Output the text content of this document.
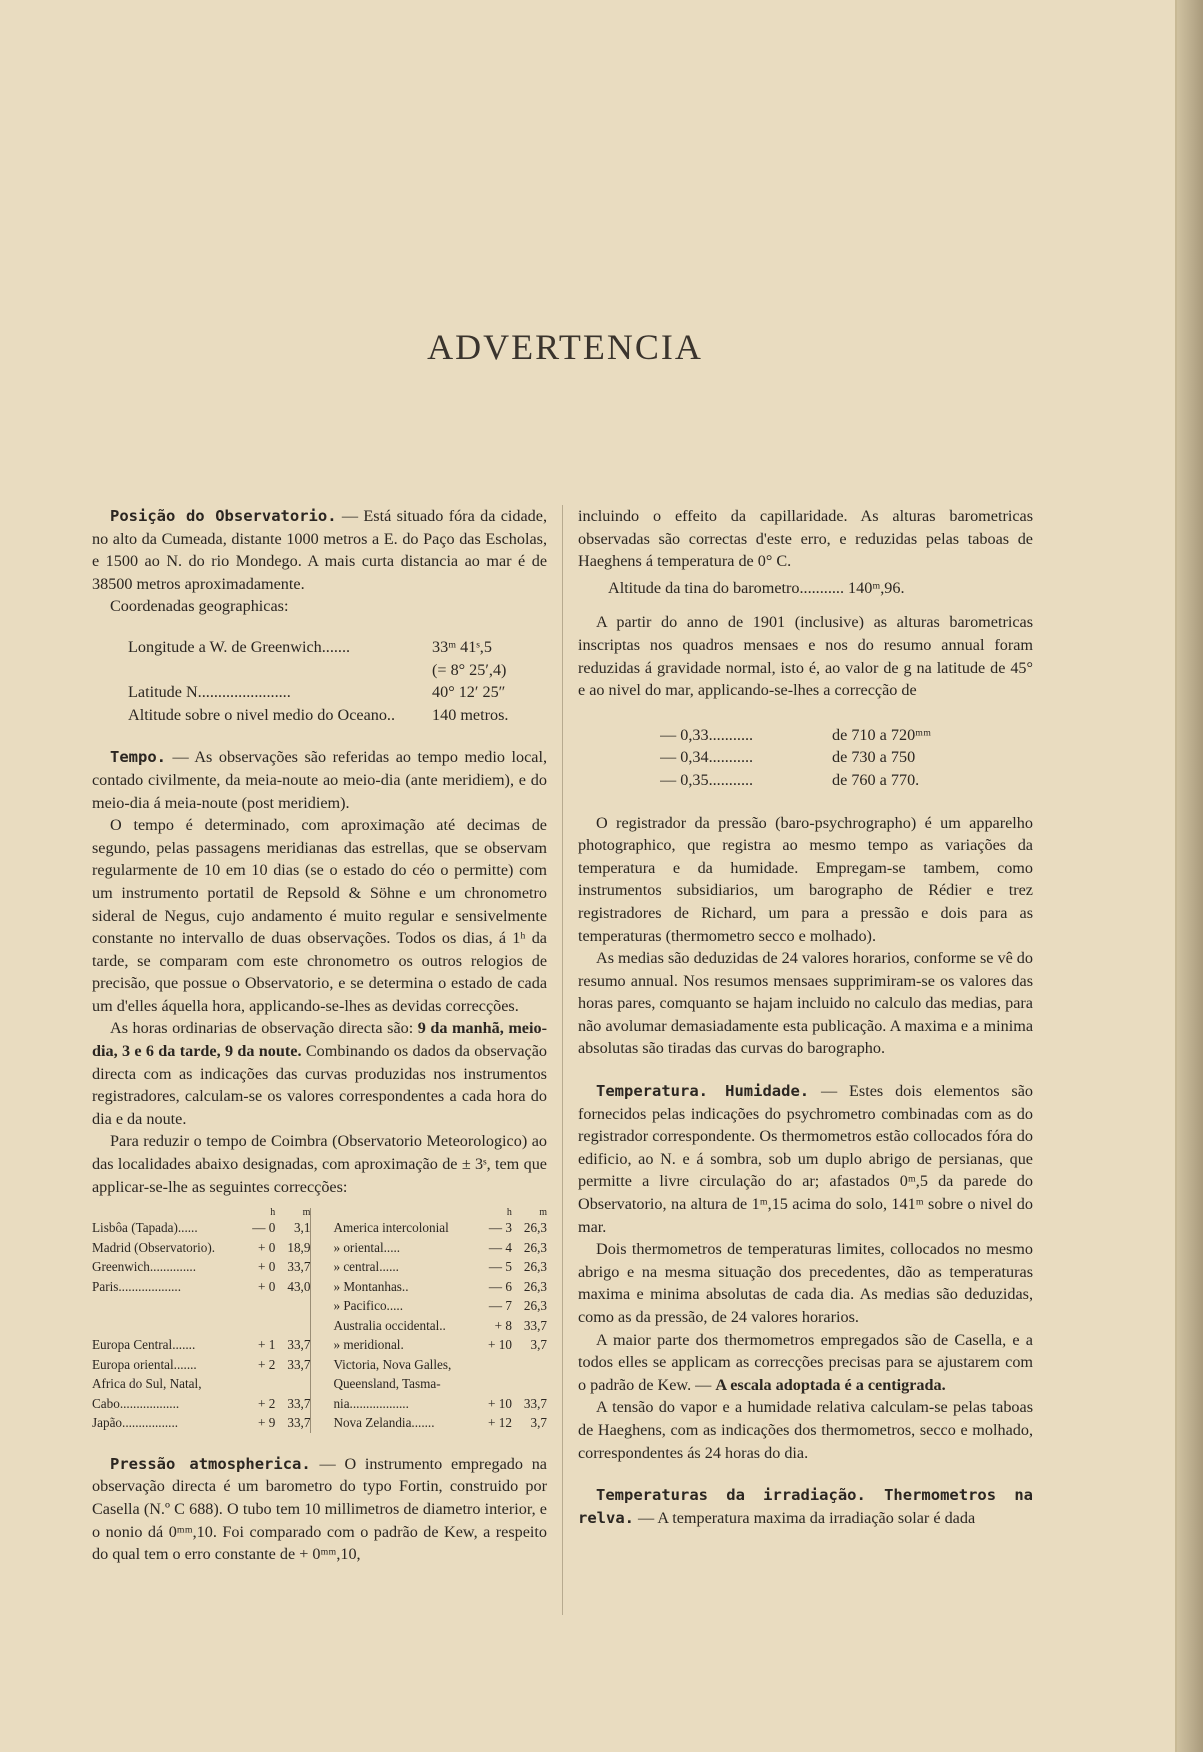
ADVERTENCIA

Posição do Observatorio. — Está situado fóra da cidade, no alto da Cumeada, distante 1000 metros a E. do Paço das Escholas, e 1500 ao N. do rio Mondego. A mais curta distancia ao mar é de 38500 metros aproximadamente.

Coordenadas geographicas:

Longitude a W. de Greenwich.......	33ᵐ 41ˢ,5
(= 8° 25′,4)
Latitude N.......................	40° 12′ 25″
Altitude sobre o nivel medio do Oceano..	140 metros.

Tempo. — As observações são referidas ao tempo medio local, contado civilmente, da meia-noute ao meio-dia (ante meridiem), e do meio-dia á meia-noute (post meridiem).

O tempo é determinado, com aproximação até decimas de segundo, pelas passagens meridianas das estrellas, que se observam regularmente de 10 em 10 dias (se o estado do céo o permitte) com um instrumento portatil de Repsold & Söhne e um chronometro sideral de Negus, cujo andamento é muito regular e sensivelmente constante no intervallo de duas observações. Todos os dias, á 1ʰ da tarde, se comparam com este chronometro os outros relogios de precisão, que possue o Observatorio, e se determina o estado de cada um d'elles áquella hora, applicando-se-lhes as devidas correcções.

As horas ordinarias de observação directa são: 9 da manhã, meio-dia, 3 e 6 da tarde, 9 da noute. Combinando os dados da observação directa com as indicações das curvas produzidas nos instrumentos registradores, calculam-se os valores correspondentes a cada hora do dia e da noute.

Para reduzir o tempo de Coimbra (Observatorio Meteorologico) ao das localidades abaixo designadas, com aproximação de ± 3ˢ, tem que applicar-se-lhe as seguintes correcções:

	h	m			h	m
Lisbôa (Tapada)......	— 0	3,1		America intercolonial	— 3	26,3
Madrid (Observatorio).	+ 0	18,9		» oriental.....	— 4	26,3
Greenwich..............	+ 0	33,7		» central......	— 5	26,3
Paris...................	+ 0	43,0		» Montanhas..	— 6	26,3
				» Pacifico.....	— 7	26,3
				Australia occidental..	+ 8	33,7
Europa Central.......	+ 1	33,7		» meridional.	+ 10	3,7
Europa oriental.......	+ 2	33,7		Victoria, Nova Galles,		
Africa do Sul, Natal,				Queensland, Tasma-		
Cabo..................	+ 2	33,7		nia..................	+ 10	33,7
Japão.................	+ 9	33,7		Nova Zelandia.......	+ 12	3,7

Pressão atmospherica. — O instrumento empregado na observação directa é um barometro do typo Fortin, construido por Casella (N.º C 688). O tubo tem 10 millimetros de diametro interior, e o nonio dá 0ᵐᵐ,10. Foi comparado com o padrão de Kew, a respeito do qual tem o erro constante de + 0ᵐᵐ,10,

incluindo o effeito da capillaridade. As alturas barometricas observadas são correctas d'este erro, e reduzidas pelas taboas de Haeghens á temperatura de 0° C.

Altitude da tina do barometro........... 140ᵐ,96.

A partir do anno de 1901 (inclusive) as alturas barometricas inscriptas nos quadros mensaes e nos do resumo annual foram reduzidas á gravidade normal, isto é, ao valor de g na latitude de 45° e ao nivel do mar, applicando-se-lhes a correcção de

— 0,33...........	de 710 a 720ᵐᵐ
— 0,34...........	de 730 a 750
— 0,35...........	de 760 a 770.

O registrador da pressão (baro-psychrographo) é um apparelho photographico, que registra ao mesmo tempo as variações da temperatura e da humidade. Empregam-se tambem, como instrumentos subsidiarios, um barographo de Rédier e trez registradores de Richard, um para a pressão e dois para as temperaturas (thermometro secco e molhado).

As medias são deduzidas de 24 valores horarios, conforme se vê do resumo annual. Nos resumos mensaes supprimiram-se os valores das horas pares, comquanto se hajam incluido no calculo das medias, para não avolumar demasiadamente esta publicação. A maxima e a minima absolutas são tiradas das curvas do barographo.

Temperatura. Humidade. — Estes dois elementos são fornecidos pelas indicações do psychrometro combinadas com as do registrador correspondente. Os thermometros estão collocados fóra do edificio, ao N. e á sombra, sob um duplo abrigo de persianas, que permitte a livre circulação do ar; afastados 0ᵐ,5 da parede do Observatorio, na altura de 1ᵐ,15 acima do solo, 141ᵐ sobre o nivel do mar.

Dois thermometros de temperaturas limites, collocados no mesmo abrigo e na mesma situação dos precedentes, dão as temperaturas maxima e minima absolutas de cada dia. As medias são deduzidas, como as da pressão, de 24 valores horarios.

A maior parte dos thermometros empregados são de Casella, e a todos elles se applicam as correcções precisas para se ajustarem com o padrão de Kew. — A escala adoptada é a centigrada.

A tensão do vapor e a humidade relativa calculam-se pelas taboas de Haeghens, com as indicações dos thermometros, secco e molhado, correspondentes ás 24 horas do dia.

Temperaturas da irradiação. Thermometros na relva. — A temperatura maxima da irradiação solar é dada
